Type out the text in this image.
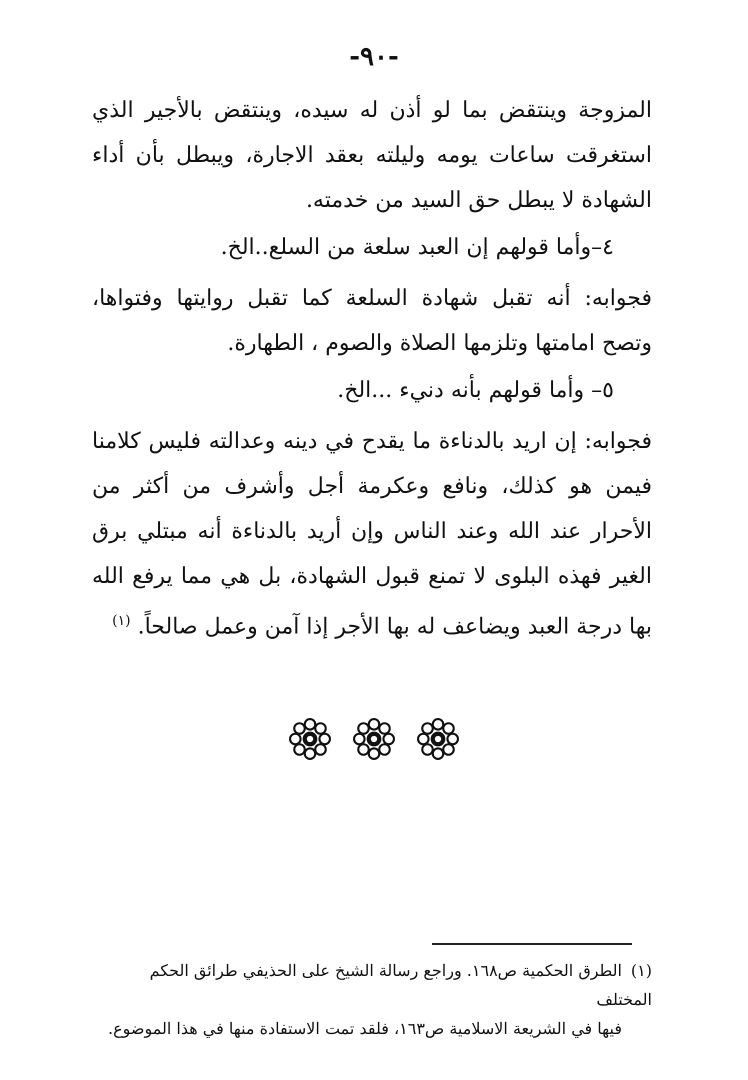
-٩٠-

المزوجة وينتقض بما لو أذن له سيده، وينتقض بالأجير الذي استغرقت ساعات يومه وليلته بعقد الاجارة، ويبطل بأن أداء الشهادة لا يبطل حق السيد من خدمته.

٤–وأما قولهم إن العبد سلعة من السلع..الخ.

فجوابه: أنه تقبل شهادة السلعة كما تقبل روايتها وفتواها، وتصح امامتها وتلزمها الصلاة والصوم ، الطهارة.

٥– وأما قولهم بأنه دنيء ...الخ.

فجوابه: إن اريد بالدناءة ما يقدح في دينه وعدالته فليس كلامنا فيمن هو كذلك، ونافع وعكرمة أجل وأشرف من أكثر من الأحرار عند الله وعند الناس وإن أريد بالدناءة أنه مبتلي برق الغير فهذه البلوى لا تمنع قبول الشهادة، بل هي مما يرفع الله بها درجة العبد ويضاعف له بها الأجر إذا آمن وعمل صالحاً. $^{(١)}$

(١)الطرق الحكمية ص١٦٨. وراجع رسالة الشيخ على الحذيفي طرائق الحكم المختلف

فيها في الشريعة الاسلامية ص١٦٣، فلقد تمت الاستفادة منها في هذا الموضوع.
